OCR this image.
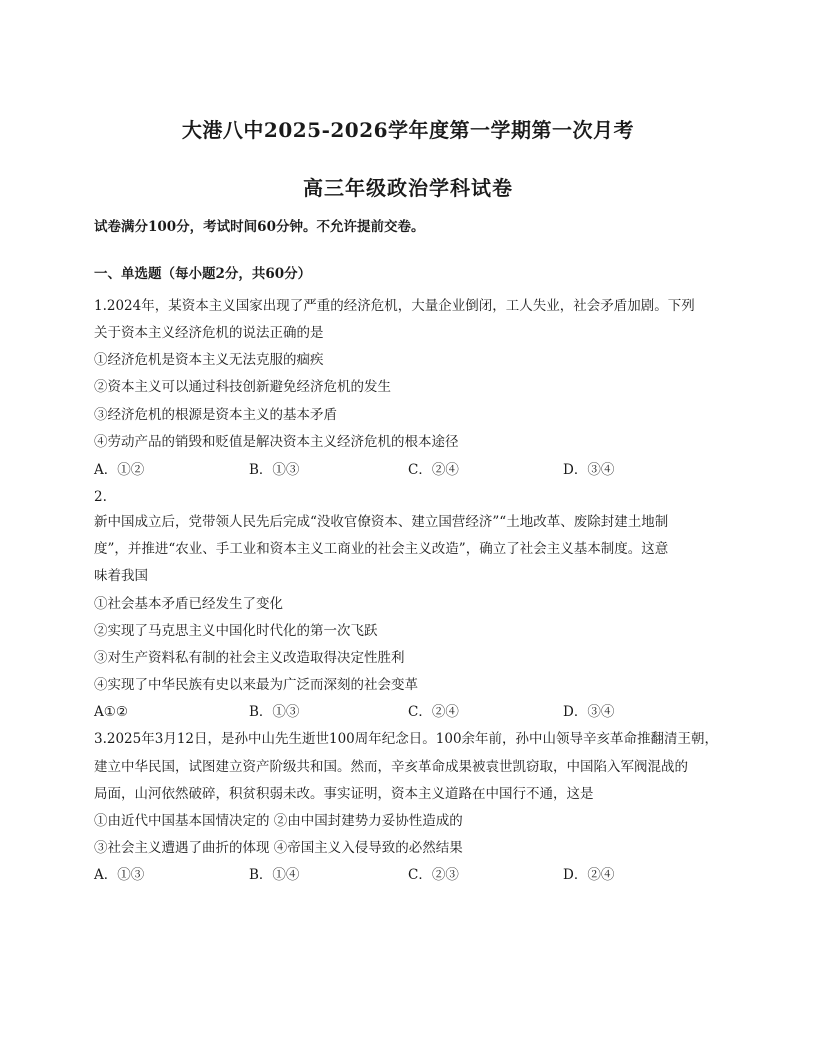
大港八中2025-2026学年度第一学期第一次月考
高三年级政治学科试卷
试卷满分100分，考试时间60分钟。不允许提前交卷。
一、单选题（每小题2分，共60分）
1.2024年，某资本主义国家出现了严重的经济危机，大量企业倒闭，工人失业，社会矛盾加剧。下列
关于资本主义经济危机的说法正确的是
①经济危机是资本主义无法克服的痼疾
②资本主义可以通过科技创新避免经济危机的发生
③经济危机的根源是资本主义的基本矛盾
④劳动产品的销毁和贬值是解决资本主义经济危机的根本途径
A．①②	B．①③	C．②④	D．③④
2.
新中国成立后，党带领人民先后完成“没收官僚资本、建立国营经济”“土地改革、废除封建土地制
度”，并推进“农业、手工业和资本主义工商业的社会主义改造”，确立了社会主义基本制度。这意
味着我国
①社会基本矛盾已经发生了变化
②实现了马克思主义中国化时代化的第一次飞跃
③对生产资料私有制的社会主义改造取得决定性胜利
④实现了中华民族有史以来最为广泛而深刻的社会变革
A①②	B．①③	C．②④	D．③④
3.2025年3月12日，是孙中山先生逝世100周年纪念日。100余年前，孙中山领导辛亥革命推翻清王朝，
建立中华民国，试图建立资产阶级共和国。然而，辛亥革命成果被袁世凯窃取，中国陷入军阀混战的
局面，山河依然破碎，积贫积弱未改。事实证明，资本主义道路在中国行不通，这是
①由近代中国基本国情决定的 ②由中国封建势力妥协性造成的
③社会主义遭遇了曲折的体现 ④帝国主义入侵导致的必然结果
A．①③	B．①④	C．②③	D．②④
